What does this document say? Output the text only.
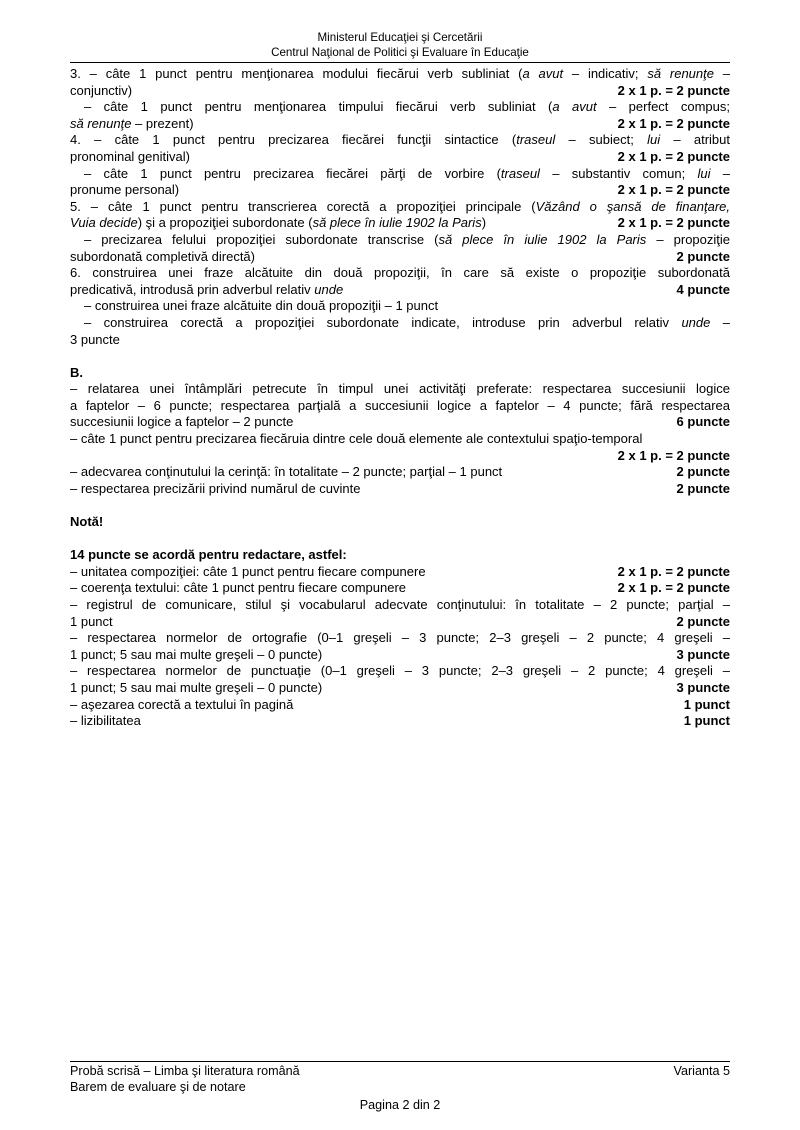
Ministerul Educaţiei şi Cercetării
Centrul Naţional de Politici şi Evaluare în Educaţie
3. – câte 1 punct pentru menţionarea modului fiecărui verb subliniat (a avut – indicativ; să renunţe –
conjunctiv)	2 x 1 p. = 2 puncte
– câte 1 punct pentru menţionarea timpului fiecărui verb subliniat (a avut – perfect compus;
să renunţe – prezent)	2 x 1 p. = 2 puncte
4. – câte 1 punct pentru precizarea fiecărei funcţii sintactice (traseul – subiect; lui – atribut
pronominal genitival)	2 x 1 p. = 2 puncte
– câte 1 punct pentru precizarea fiecărei părţi de vorbire (traseul – substantiv comun; lui –
pronume personal)	2 x 1 p. = 2 puncte
5. – câte 1 punct pentru transcrierea corectă a propoziţiei principale (Văzând o şansă de finanţare,
Vuia decide) şi a propoziţiei subordonate (să plece în iulie 1902 la Paris)	2 x 1 p. = 2 puncte
– precizarea felului propoziţiei subordonate transcrise (să plece în iulie 1902 la Paris – propoziţie
subordonată completivă directă)	2 puncte
6. construirea unei fraze alcătuite din două propoziţii, în care să existe o propoziţie subordonată
predicativă, introdusă prin adverbul relativ unde	4 puncte
– construirea unei fraze alcătuite din două propoziţii – 1 punct
– construirea corectă a propoziţiei subordonate indicate, introduse prin adverbul relativ unde –
3 puncte

B.
– relatarea unei întâmplări petrecute în timpul unei activităţi preferate: respectarea succesiunii logice
a faptelor – 6 puncte; respectarea parţială a succesiunii logice a faptelor – 4 puncte; fără respectarea
succesiunii logice a faptelor – 2 puncte	6 puncte
– câte 1 punct pentru precizarea fiecăruia dintre cele două elemente ale contextului spaţio-temporal
2 x 1 p. = 2 puncte
– adecvarea conţinutului la cerinţă: în totalitate – 2 puncte; parţial – 1 punct	2 puncte
– respectarea precizării privind numărul de cuvinte	2 puncte

Notă!

14 puncte se acordă pentru redactare, astfel:
– unitatea compoziţiei: câte 1 punct pentru fiecare compunere	2 x 1 p. = 2 puncte
– coerenţa textului: câte 1 punct pentru fiecare compunere	2 x 1 p. = 2 puncte
– registrul de comunicare, stilul şi vocabularul adecvate conţinutului: în totalitate – 2 puncte; parţial –
1 punct	2 puncte
– respectarea normelor de ortografie (0–1 greşeli – 3 puncte; 2–3 greşeli – 2 puncte; 4 greşeli –
1 punct; 5 sau mai multe greşeli – 0 puncte)	3 puncte
– respectarea normelor de punctuaţie (0–1 greşeli – 3 puncte; 2–3 greşeli – 2 puncte; 4 greşeli –
1 punct; 5 sau mai multe greşeli – 0 puncte)	3 puncte
– aşezarea corectă a textului în pagină	1 punct
– lizibilitatea	1 punct
Probă scrisă – Limba şi literatura română	Varianta 5
Barem de evaluare şi de notare
Pagina 2 din 2
